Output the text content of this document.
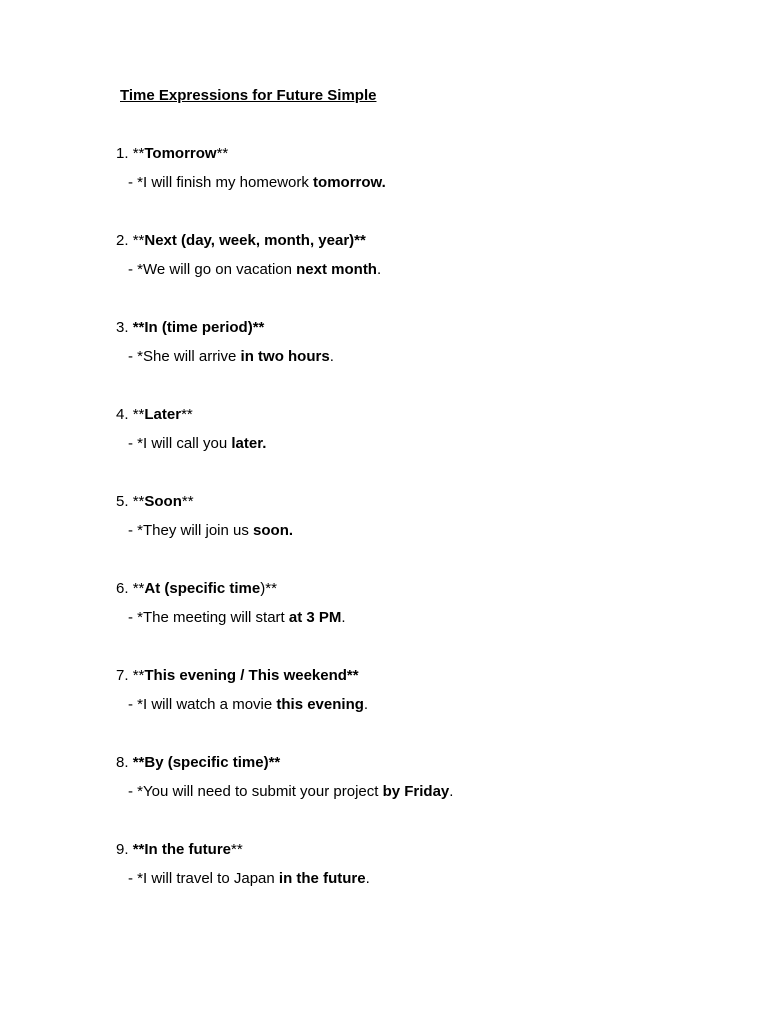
Time Expressions for Future Simple
1. **Tomorrow**
- *I will finish my homework tomorrow.
2. **Next (day, week, month, year)**
- *We will go on vacation next month.
3. **In (time period)**
- *She will arrive in two hours.
4. **Later**
- *I will call you later.
5. **Soon**
- *They will join us soon.
6. **At (specific time)**
- *The meeting will start at 3 PM.
7. **This evening / This weekend**
- *I will watch a movie this evening.
8. **By (specific time)**
- *You will need to submit your project by Friday.
9. **In the future**
- *I will travel to Japan in the future.
